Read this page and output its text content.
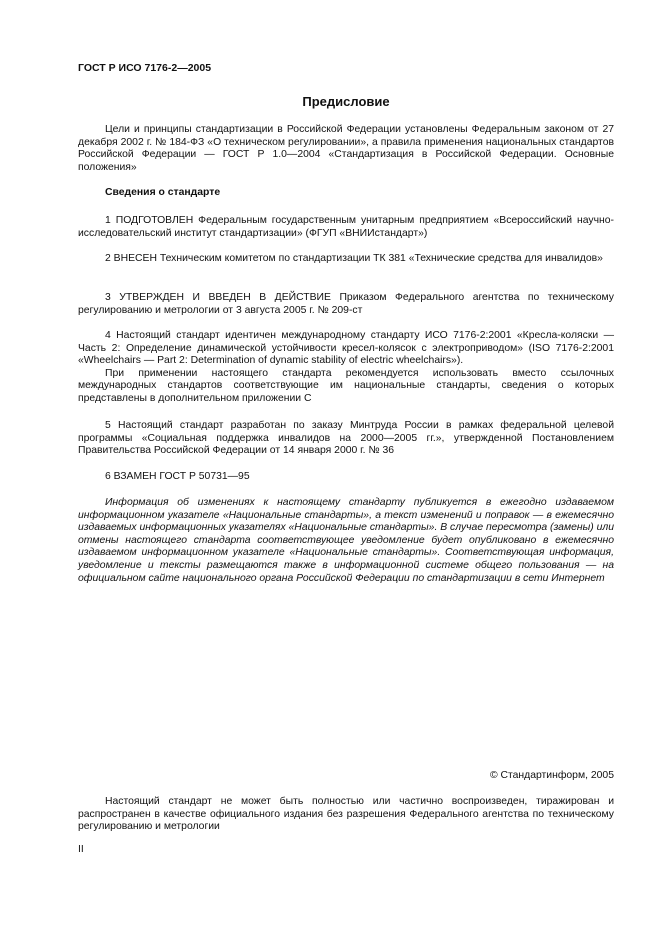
ГОСТ Р ИСО 7176-2—2005
Предисловие

Цели и принципы стандартизации в Российской Федерации установлены Федеральным законом от 27 декабря 2002 г. № 184-ФЗ «О техническом регулировании», а правила применения национальных стандартов Российской Федерации — ГОСТ Р 1.0—2004 «Стандартизация в Российской Федерации. Основные положения»

Сведения о стандарте

1 ПОДГОТОВЛЕН Федеральным государственным унитарным предприятием «Всероссийский научно-исследовательский институт стандартизации» (ФГУП «ВНИИстандарт»)

2 ВНЕСЕН Техническим комитетом по стандартизации ТК 381 «Технические средства для инвалидов»

3 УТВЕРЖДЕН И ВВЕДЕН В ДЕЙСТВИЕ Приказом Федерального агентства по техническому регулированию и метрологии от 3 августа 2005 г. № 209-ст

4 Настоящий стандарт идентичен международному стандарту ИСО 7176-2:2001 «Кресла-коляски — Часть 2: Определение динамической устойчивости кресел-колясок с электроприводом» (ISO 7176-2:2001 «Wheelchairs — Part 2: Determination of dynamic stability of electric wheelchairs»).

При применении настоящего стандарта рекомендуется использовать вместо ссылочных международных стандартов соответствующие им национальные стандарты, сведения о которых представлены в дополнительном приложении С

5 Настоящий стандарт разработан по заказу Минтруда России в рамках федеральной целевой программы «Социальная поддержка инвалидов на 2000—2005 гг.», утвержденной Постановлением Правительства Российской Федерации от 14 января 2000 г. № 36

6 ВЗАМЕН ГОСТ Р 50731—95

Информация об изменениях к настоящему стандарту публикуется в ежегодно издаваемом информационном указателе «Национальные стандарты», а текст изменений и поправок — в ежемесячно издаваемых информационных указателях «Национальные стандарты». В случае пересмотра (замены) или отмены настоящего стандарта соответствующее уведомление будет опубликовано в ежемесячно издаваемом информационном указателе «Национальные стандарты». Соответствующая информация, уведомление и тексты размещаются также в информационной системе общего пользования — на официальном сайте национального органа Российской Федерации по стандартизации в сети Интернет

© Стандартинформ, 2005

Настоящий стандарт не может быть полностью или частично воспроизведен, тиражирован и распространен в качестве официального издания без разрешения Федерального агентства по техническому регулированию и метрологии

II
